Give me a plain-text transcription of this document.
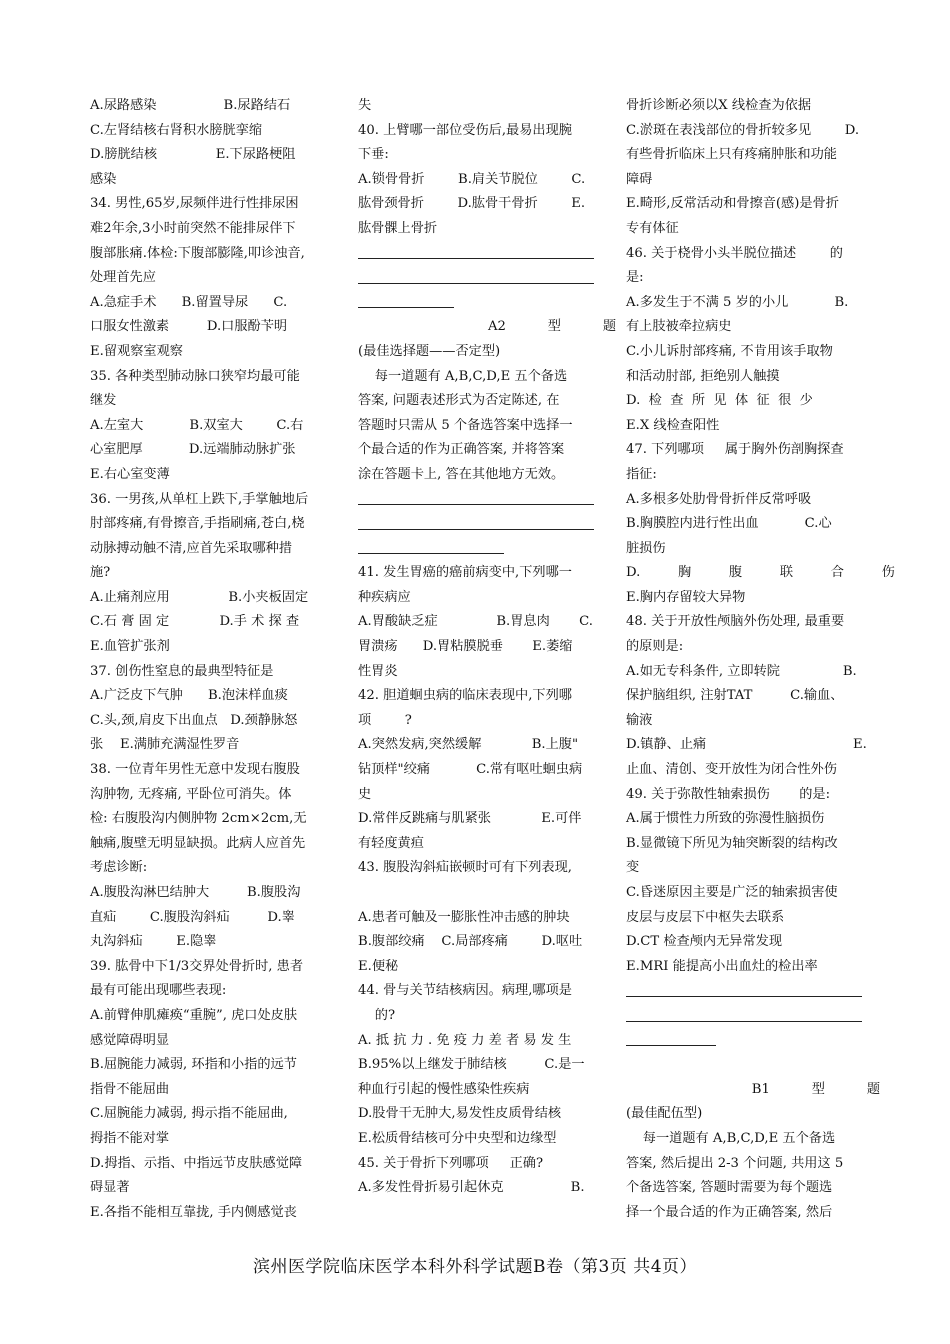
A.尿路感染                B.尿路结石
C.左肾结核右肾积水膀胱挛缩
D.膀胱结核              E.下尿路梗阻
感染
34. 男性,65岁,尿频伴进行性排尿困
难2年余,3小时前突然不能排尿伴下
腹部胀痛.体检:下腹部膨隆,叩诊浊音,
处理首先应
A.急症手术      B.留置导尿      C.
口服女性激素         D.口服酚苄明
E.留观察室观察
35. 各种类型肺动脉口狭窄均最可能
继发
A.左室大           B.双室大        C.右
心室肥厚           D.远端肺动脉扩张
E.右心室变薄
36. 一男孩,从单杠上跌下,手掌触地后
肘部疼痛,有骨擦音,手指刷痛,苍白,桡
动脉搏动触不清,应首先采取哪种措
施?
A.止痛剂应用              B.小夹板固定
C.石 膏 固 定            D.手 术 探 查
E.血管扩张剂
37. 创伤性窒息的最典型特征是
A.广泛皮下气肿      B.泡沫样血痰
C.头,颈,肩皮下出血点   D.颈静脉怒
张    E.满肺充满湿性罗音
38. 一位青年男性无意中发现右腹股
沟肿物, 无疼痛, 平卧位可消失。体
检: 右腹股沟内侧肿物 2cm×2cm,无
触痛,腹壁无明显缺损。此病人应首先
考虑诊断:
A.腹股沟淋巴结肿大         B.腹股沟
直疝        C.腹股沟斜疝         D.睾
丸沟斜疝        E.隐睾
39. 肱骨中下1/3交界处骨折时, 患者
最有可能出现哪些表现:
A.前臂伸肌瘫痪“重腕”, 虎口处皮肤
感觉障碍明显
B.屈腕能力减弱, 环指和小指的远节
指骨不能屈曲
C.屈腕能力减弱, 拇示指不能屈曲,
拇指不能对掌
D.拇指、示指、中指远节皮肤感觉障
碍显著
E.各指不能相互靠拢, 手内侧感觉丧
失
40. 上臂哪一部位受伤后,最易出现腕
下垂:
A.锁骨骨折        B.肩关节脱位        C.
肱骨颈骨折        D.肱骨干骨折        E.
肱骨髁上骨折
A2          型          题
(最佳选择题——否定型)
每一道题有 A,B,C,D,E 五个备选
答案, 问题表述形式为否定陈述, 在
答题时只需从 5 个备选答案中选择一
个最合适的作为正确答案, 并将答案
涂在答题卡上, 答在其他地方无效。
41. 发生胃癌的癌前病变中,下列哪一
种疾病应
A.胃酸缺乏症              B.胃息肉       C.
胃溃疡      D.胃粘膜脱垂       E.萎缩
性胃炎
42. 胆道蛔虫病的临床表现中,下列哪
项        ?
A.突然发病,突然缓解            B.上腹"
钻顶样"绞痛           C.常有呕吐蛔虫病
史
D.常伴反跳痛与肌紧张            E.可伴
有轻度黄疸
43. 腹股沟斜疝嵌顿时可有下列表现,
A.患者可触及一膨胀性冲击感的肿块
B.腹部绞痛    C.局部疼痛        D.呕吐
E.便秘
44. 骨与关节结核病因。病理,哪项是
的?
A. 抵 抗 力 . 免 疫 力 差 者 易 发 生
B.95%以上继发于肺结核         C.是一
种血行引起的慢性感染性疾病
D.股骨干无肿大,易发性皮质骨结核
E.松质骨结核可分中央型和边缘型
45. 关于骨折下列哪项     正确?
A.多发性骨折易引起休克                B.
骨折诊断必须以X 线检查为依据
C.淤斑在表浅部位的骨折较多见        D.
有些骨折临床上只有疼痛肿胀和功能
障碍
E.畸形,反常活动和骨擦音(感)是骨折
专有体征
46. 关于桡骨小头半脱位描述        的
是:
A.多发生于不满 5 岁的小儿           B.
有上肢被牵拉病史
C.小儿诉肘部疼痛, 不肯用该手取物
和活动肘部, 拒绝别人触摸
D.  检  查  所  见  体  征  很  少
E.X 线检查阳性
47. 下列哪项     属于胸外伤剖胸探查
指征:
A.多根多处肋骨骨折伴反常呼吸
B.胸膜腔内进行性出血           C.心
脏损伤
D.         胸         腹         联         合         伤
E.胸内存留较大异物
48. 关于开放性颅脑外伤处理, 最重要
的原则是:
A.如无专科条件, 立即转院               B.
保护脑组织, 注射TAT         C.输血、
输液
D.镇静、止痛                                   E.
止血、清创、变开放性为闭合性外伤
49. 关于弥散性轴索损伤       的是:
A.属于惯性力所致的弥漫性脑损伤
B.显微镜下所见为轴突断裂的结构改
变
C.昏迷原因主要是广泛的轴索损害使
皮层与皮层下中枢失去联系
D.CT 检查颅内无异常发现
E.MRI 能提高小出血灶的检出率
B1          型          题
(最佳配伍型)
每一道题有 A,B,C,D,E 五个备选
答案, 然后提出 2-3 个问题, 共用这 5
个备选答案, 答题时需要为每个题选
择一个最合适的作为正确答案, 然后
滨州医学院临床医学本科外科学试题B卷（第3页 共4页）
